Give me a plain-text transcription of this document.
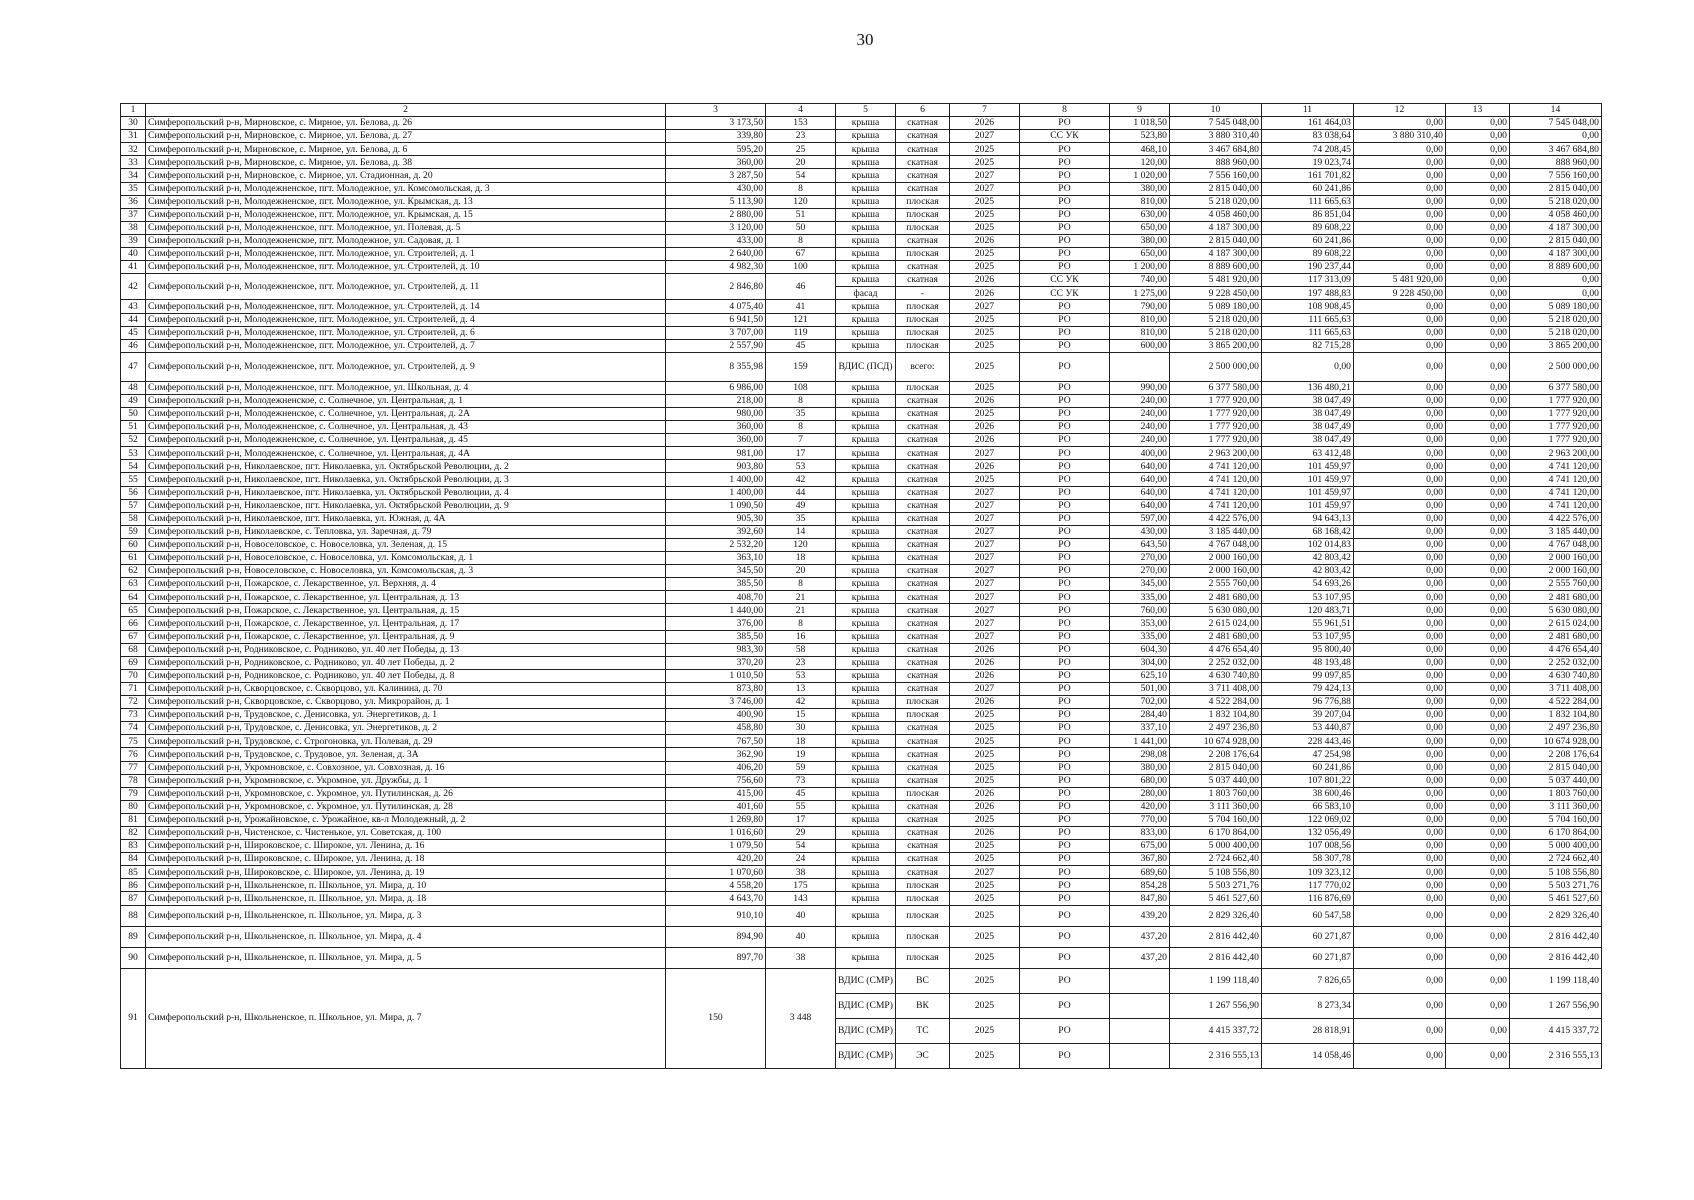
30
1	2	3	4	5	6	7	8	9	10	11	12	13	14
30	Симферопольский р-н, Мирновское, с. Мирное, ул. Белова, д. 26	3 173,50	153	крыша	скатная	2026	РО	1 018,50	7 545 048,00	161 464,03	0,00	0,00	7 545 048,00
31	Симферопольский р-н, Мирновское, с. Мирное, ул. Белова, д. 27	339,80	23	крыша	скатная	2027	СС УК	523,80	3 880 310,40	83 038,64	3 880 310,40	0,00	0,00
32	Симферопольский р-н, Мирновское, с. Мирное, ул. Белова, д. 6	595,20	25	крыша	скатная	2025	РО	468,10	3 467 684,80	74 208,45	0,00	0,00	3 467 684,80
33	Симферопольский р-н, Мирновское, с. Мирное, ул. Белова, д. 38	360,00	20	крыша	скатная	2025	РО	120,00	888 960,00	19 023,74	0,00	0,00	888 960,00
34	Симферопольский р-н, Мирновское, с. Мирное, ул. Стадионная, д. 20	3 287,50	54	крыша	скатная	2027	РО	1 020,00	7 556 160,00	161 701,82	0,00	0,00	7 556 160,00
35	Симферопольский р-н, Молодежненское, пгт. Молодежное, ул. Комсомольская, д. 3	430,00	8	крыша	скатная	2027	РО	380,00	2 815 040,00	60 241,86	0,00	0,00	2 815 040,00
36	Симферопольский р-н, Молодежненское, пгт. Молодежное, ул. Крымская, д. 13	5 113,90	120	крыша	плоская	2025	РО	810,00	5 218 020,00	111 665,63	0,00	0,00	5 218 020,00
37	Симферопольский р-н, Молодежненское, пгт. Молодежное, ул. Крымская, д. 15	2 880,00	51	крыша	плоская	2025	РО	630,00	4 058 460,00	86 851,04	0,00	0,00	4 058 460,00
38	Симферопольский р-н, Молодежненское, пгт. Молодежное, ул. Полевая, д. 5	3 120,00	50	крыша	плоская	2025	РО	650,00	4 187 300,00	89 608,22	0,00	0,00	4 187 300,00
39	Симферопольский р-н, Молодежненское, пгт. Молодежное, ул. Садовая, д. 1	433,00	8	крыша	скатная	2026	РО	380,00	2 815 040,00	60 241,86	0,00	0,00	2 815 040,00
40	Симферопольский р-н, Молодежненское, пгт. Молодежное, ул. Строителей, д. 1	2 640,00	67	крыша	плоская	2025	РО	650,00	4 187 300,00	89 608,22	0,00	0,00	4 187 300,00
41	Симферопольский р-н, Молодежненское, пгт. Молодежное, ул. Строителей, д. 10	4 982,30	100	крыша	скатная	2025	РО	1 200,00	8 889 600,00	190 237,44	0,00	0,00	8 889 600,00
42	Симферопольский р-н, Молодежненское, пгт. Молодежное, ул. Строителей, д. 11	2 846,80	46	крыша	скатная	2026	СС УК	740,00	5 481 920,00	117 313,09	5 481 920,00	0,00	0,00
				фасад	-	2026	СС УК	1 275,00	9 228 450,00	197 488,83	9 228 450,00	0,00	0,00
43	Симферопольский р-н, Молодежненское, пгт. Молодежное, ул. Строителей, д. 14	4 075,40	41	крыша	плоская	2027	РО	790,00	5 089 180,00	108 908,45	0,00	0,00	5 089 180,00
44	Симферопольский р-н, Молодежненское, пгт. Молодежное, ул. Строителей, д. 4	6 941,50	121	крыша	плоская	2025	РО	810,00	5 218 020,00	111 665,63	0,00	0,00	5 218 020,00
45	Симферопольский р-н, Молодежненское, пгт. Молодежное, ул. Строителей, д. 6	3 707,00	119	крыша	плоская	2025	РО	810,00	5 218 020,00	111 665,63	0,00	0,00	5 218 020,00
46	Симферопольский р-н, Молодежненское, пгт. Молодежное, ул. Строителей, д. 7	2 557,90	45	крыша	плоская	2025	РО	600,00	3 865 200,00	82 715,28	0,00	0,00	3 865 200,00
47	Симферопольский р-н, Молодежненское, пгт. Молодежное, ул. Строителей, д. 9	8 355,98	159	ВДИС (ПСД)	всего:	2025	РО		2 500 000,00	0,00	0,00	0,00	2 500 000,00
48	Симферопольский р-н, Молодежненское, пгт. Молодежное, ул. Школьная, д. 4	6 986,00	108	крыша	плоская	2025	РО	990,00	6 377 580,00	136 480,21	0,00	0,00	6 377 580,00
49	Симферопольский р-н, Молодежненское, с. Солнечное, ул. Центральная, д. 1	218,00	8	крыша	скатная	2026	РО	240,00	1 777 920,00	38 047,49	0,00	0,00	1 777 920,00
50	Симферопольский р-н, Молодежненское, с. Солнечное, ул. Центральная, д. 2А	980,00	35	крыша	скатная	2025	РО	240,00	1 777 920,00	38 047,49	0,00	0,00	1 777 920,00
51	Симферопольский р-н, Молодежненское, с. Солнечное, ул. Центральная, д. 43	360,00	8	крыша	скатная	2026	РО	240,00	1 777 920,00	38 047,49	0,00	0,00	1 777 920,00
52	Симферопольский р-н, Молодежненское, с. Солнечное, ул. Центральная, д. 45	360,00	7	крыша	скатная	2026	РО	240,00	1 777 920,00	38 047,49	0,00	0,00	1 777 920,00
53	Симферопольский р-н, Молодежненское, с. Солнечное, ул. Центральная, д. 4А	981,00	17	крыша	скатная	2027	РО	400,00	2 963 200,00	63 412,48	0,00	0,00	2 963 200,00
54	Симферопольский р-н, Николаевское, пгт. Николаевка, ул. Октябрьской Революции, д. 2	903,80	53	крыша	скатная	2026	РО	640,00	4 741 120,00	101 459,97	0,00	0,00	4 741 120,00
55	Симферопольский р-н, Николаевское, пгт. Николаевка, ул. Октябрьской Революции, д. 3	1 400,00	42	крыша	скатная	2025	РО	640,00	4 741 120,00	101 459,97	0,00	0,00	4 741 120,00
56	Симферопольский р-н, Николаевское, пгт. Николаевка, ул. Октябрьской Революции, д. 4	1 400,00	44	крыша	скатная	2027	РО	640,00	4 741 120,00	101 459,97	0,00	0,00	4 741 120,00
57	Симферопольский р-н, Николаевское, пгт. Николаевка, ул. Октябрьской Революции, д. 9	1 090,50	49	крыша	скатная	2027	РО	640,00	4 741 120,00	101 459,97	0,00	0,00	4 741 120,00
58	Симферопольский р-н, Николаевское, пгт. Николаевка, ул. Южная, д. 4А	905,30	35	крыша	скатная	2027	РО	597,00	4 422 576,00	94 643,13	0,00	0,00	4 422 576,00
59	Симферопольский р-н, Николаевское, с. Тепловка, ул. Заречная, д. 79	392,60	14	крыша	скатная	2027	РО	430,00	3 185 440,00	68 168,42	0,00	0,00	3 185 440,00
60	Симферопольский р-н, Новоселовское, с. Новоселовка, ул. Зеленая, д. 15	2 532,20	120	крыша	скатная	2027	РО	643,50	4 767 048,00	102 014,83	0,00	0,00	4 767 048,00
61	Симферопольский р-н, Новоселовское, с. Новоселовка, ул. Комсомольская, д. 1	363,10	18	крыша	скатная	2027	РО	270,00	2 000 160,00	42 803,42	0,00	0,00	2 000 160,00
62	Симферопольский р-н, Новоселовское, с. Новоселовка, ул. Комсомольская, д. 3	345,50	20	крыша	скатная	2027	РО	270,00	2 000 160,00	42 803,42	0,00	0,00	2 000 160,00
63	Симферопольский р-н, Пожарское, с. Лекарственное, ул. Верхняя, д. 4	385,50	8	крыша	скатная	2027	РО	345,00	2 555 760,00	54 693,26	0,00	0,00	2 555 760,00
64	Симферопольский р-н, Пожарское, с. Лекарственное, ул. Центральная, д. 13	408,70	21	крыша	скатная	2027	РО	335,00	2 481 680,00	53 107,95	0,00	0,00	2 481 680,00
65	Симферопольский р-н, Пожарское, с. Лекарственное, ул. Центральная, д. 15	1 440,00	21	крыша	скатная	2027	РО	760,00	5 630 080,00	120 483,71	0,00	0,00	5 630 080,00
66	Симферопольский р-н, Пожарское, с. Лекарственное, ул. Центральная, д. 17	376,00	8	крыша	скатная	2027	РО	353,00	2 615 024,00	55 961,51	0,00	0,00	2 615 024,00
67	Симферопольский р-н, Пожарское, с. Лекарственное, ул. Центральная, д. 9	385,50	16	крыша	скатная	2027	РО	335,00	2 481 680,00	53 107,95	0,00	0,00	2 481 680,00
68	Симферопольский р-н, Родниковское, с. Родниково, ул. 40 лет Победы, д. 13	983,30	58	крыша	скатная	2026	РО	604,30	4 476 654,40	95 800,40	0,00	0,00	4 476 654,40
69	Симферопольский р-н, Родниковское, с. Родниково, ул. 40 лет Победы, д. 2	370,20	23	крыша	скатная	2026	РО	304,00	2 252 032,00	48 193,48	0,00	0,00	2 252 032,00
70	Симферопольский р-н, Родниковское, с. Родниково, ул. 40 лет Победы, д. 8	1 010,50	53	крыша	скатная	2026	РО	625,10	4 630 740,80	99 097,85	0,00	0,00	4 630 740,80
71	Симферопольский р-н, Скворцовское, с. Скворцово, ул. Калинина, д. 70	873,80	13	крыша	скатная	2027	РО	501,00	3 711 408,00	79 424,13	0,00	0,00	3 711 408,00
72	Симферопольский р-н, Скворцовское, с. Скворцово, ул. Микрорайон, д. 1	3 746,00	42	крыша	плоская	2026	РО	702,00	4 522 284,00	96 776,88	0,00	0,00	4 522 284,00
73	Симферопольский р-н, Трудовское, с. Денисовка, ул. Энергетиков, д. 1	400,90	15	крыша	плоская	2025	РО	284,40	1 832 104,80	39 207,04	0,00	0,00	1 832 104,80
74	Симферопольский р-н, Трудовское, с. Денисовка, ул. Энергетиков, д. 2	458,80	30	крыша	скатная	2025	РО	337,10	2 497 236,80	53 440,87	0,00	0,00	2 497 236,80
75	Симферопольский р-н, Трудовское, с. Строгоновка, ул. Полевая, д. 29	767,50	18	крыша	скатная	2025	РО	1 441,00	10 674 928,00	228 443,46	0,00	0,00	10 674 928,00
76	Симферопольский р-н, Трудовское, с. Трудовое, ул. Зеленая, д. 3А	362,90	19	крыша	скатная	2025	РО	298,08	2 208 176,64	47 254,98	0,00	0,00	2 208 176,64
77	Симферопольский р-н, Укромновское, с. Совхозное, ул. Совхозная, д. 16	406,20	59	крыша	скатная	2025	РО	380,00	2 815 040,00	60 241,86	0,00	0,00	2 815 040,00
78	Симферопольский р-н, Укромновское, с. Укромное, ул. Дружбы, д. 1	756,60	73	крыша	скатная	2025	РО	680,00	5 037 440,00	107 801,22	0,00	0,00	5 037 440,00
79	Симферопольский р-н, Укромновское, с. Укромное, ул. Путилинская, д. 26	415,00	45	крыша	плоская	2026	РО	280,00	1 803 760,00	38 600,46	0,00	0,00	1 803 760,00
80	Симферопольский р-н, Укромновское, с. Укромное, ул. Путилинская, д. 28	401,60	55	крыша	скатная	2026	РО	420,00	3 111 360,00	66 583,10	0,00	0,00	3 111 360,00
81	Симферопольский р-н, Урожайновское, с. Урожайное, кв-л Молодежный, д. 2	1 269,80	17	крыша	скатная	2025	РО	770,00	5 704 160,00	122 069,02	0,00	0,00	5 704 160,00
82	Симферопольский р-н, Чистенское, с. Чистенькое, ул. Советская, д. 100	1 016,60	29	крыша	скатная	2026	РО	833,00	6 170 864,00	132 056,49	0,00	0,00	6 170 864,00
83	Симферопольский р-н, Широковское, с. Широкое, ул. Ленина, д. 16	1 079,50	54	крыша	скатная	2025	РО	675,00	5 000 400,00	107 008,56	0,00	0,00	5 000 400,00
84	Симферопольский р-н, Широковское, с. Широкое, ул. Ленина, д. 18	420,20	24	крыша	скатная	2025	РО	367,80	2 724 662,40	58 307,78	0,00	0,00	2 724 662,40
85	Симферопольский р-н, Широковское, с. Широкое, ул. Ленина, д. 19	1 070,60	38	крыша	скатная	2027	РО	689,60	5 108 556,80	109 323,12	0,00	0,00	5 108 556,80
86	Симферопольский р-н, Школьненское, п. Школьное, ул. Мира, д. 10	4 558,20	175	крыша	плоская	2025	РО	854,28	5 503 271,76	117 770,02	0,00	0,00	5 503 271,76
87	Симферопольский р-н, Школьненское, п. Школьное, ул. Мира, д. 18	4 643,70	143	крыша	плоская	2025	РО	847,80	5 461 527,60	116 876,69	0,00	0,00	5 461 527,60
88	Симферопольский р-н, Школьненское, п. Школьное, ул. Мира, д. 3	910,10	40	крыша	плоская	2025	РО	439,20	2 829 326,40	60 547,58	0,00	0,00	2 829 326,40
89	Симферопольский р-н, Школьненское, п. Школьное, ул. Мира, д. 4	894,90	40	крыша	плоская	2025	РО	437,20	2 816 442,40	60 271,87	0,00	0,00	2 816 442,40
90	Симферопольский р-н, Школьненское, п. Школьное, ул. Мира, д. 5	897,70	38	крыша	плоская	2025	РО	437,20	2 816 442,40	60 271,87	0,00	0,00	2 816 442,40
91	Симферопольский р-н, Школьненское, п. Школьное, ул. Мира, д. 7	150	3 448	ВДИС (СМР)	ВС	2025	РО		1 199 118,40	7 826,65	0,00	0,00	1 199 118,40
				ВДИС (СМР)	ВК	2025	РО		1 267 556,90	8 273,34	0,00	0,00	1 267 556,90
				ВДИС (СМР)	ТС	2025	РО		4 415 337,72	28 818,91	0,00	0,00	4 415 337,72
				ВДИС (СМР)	ЭС	2025	РО		2 316 555,13	14 058,46	0,00	0,00	2 316 555,13
